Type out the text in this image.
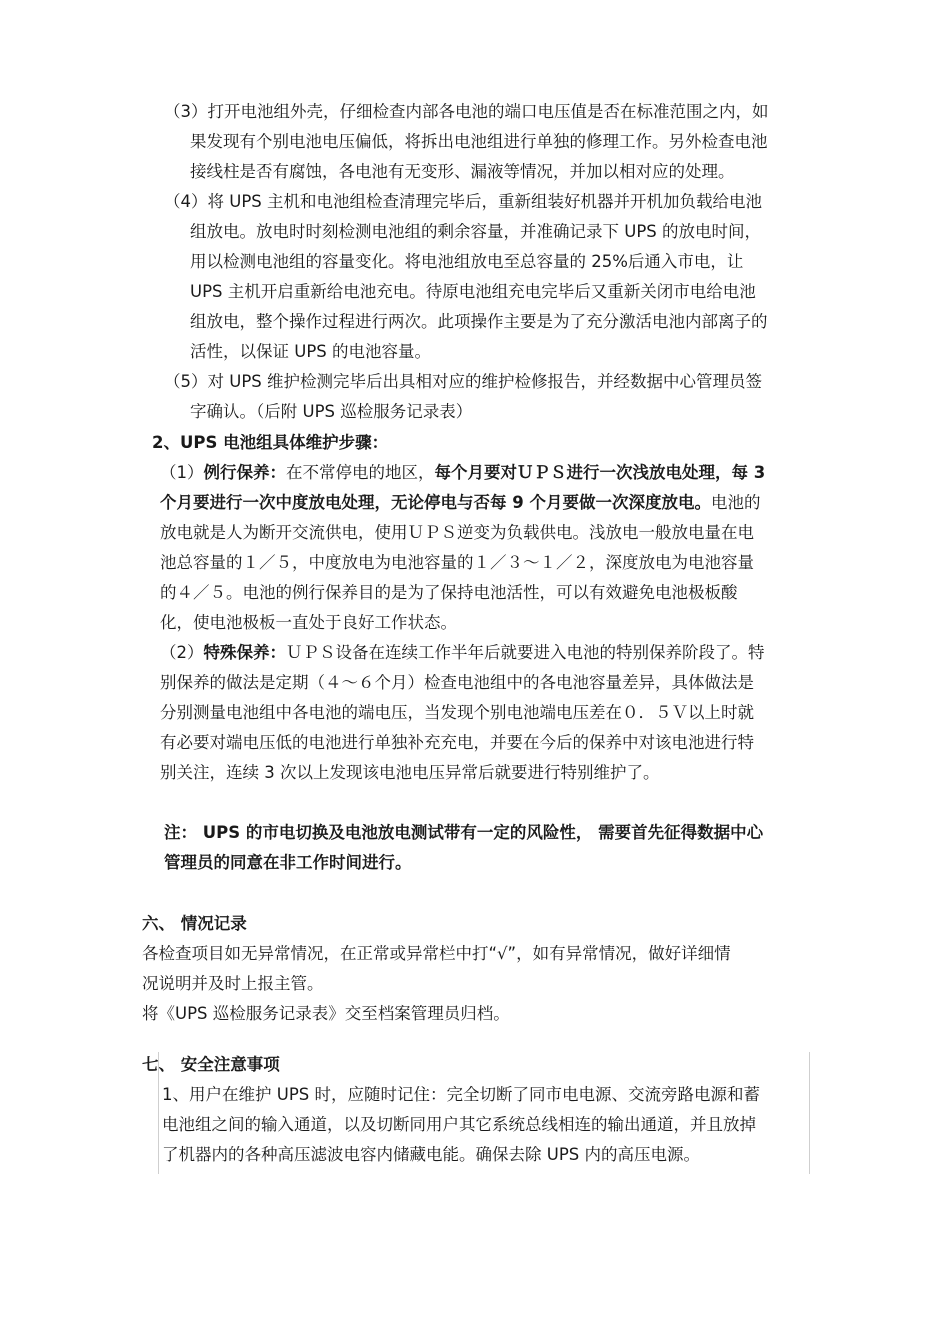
（3）打开电池组外壳，仔细检查内部各电池的端口电压值是否在标准范围之内，如
果发现有个别电池电压偏低，将拆出电池组进行单独的修理工作。另外检查电池
接线柱是否有腐蚀，各电池有无变形、漏液等情况，并加以相对应的处理。
（4）将 UPS 主机和电池组检查清理完毕后，重新组装好机器并开机加负载给电池
组放电。放电时时刻检测电池组的剩余容量，并准确记录下 UPS 的放电时间，
用以检测电池组的容量变化。将电池组放电至总容量的 25%后通入市电，让
UPS 主机开启重新给电池充电。待原电池组充电完毕后又重新关闭市电给电池
组放电，整个操作过程进行两次。此项操作主要是为了充分激活电池内部离子的
活性，以保证 UPS 的电池容量。
（5）对 UPS 维护检测完毕后出具相对应的维护检修报告，并经数据中心管理员签
字确认。（后附 UPS 巡检服务记录表）
2、UPS 电池组具体维护步骤：
（1）例行保养：在不常停电的地区，每个月要对ＵＰＳ进行一次浅放电处理，每 3
个月要进行一次中度放电处理，无论停电与否每 9 个月要做一次深度放电。电池的
放电就是人为断开交流供电，使用ＵＰＳ逆变为负载供电。浅放电一般放电量在电
池总容量的１／５，中度放电为电池容量的１／３～１／２，深度放电为电池容量
的４／５。电池的例行保养目的是为了保持电池活性，可以有效避免电池极板酸
化，使电池极板一直处于良好工作状态。
（2）特殊保养：ＵＰＳ设备在连续工作半年后就要进入电池的特别保养阶段了。特
别保养的做法是定期（４～６个月）检查电池组中的各电池容量差异，具体做法是
分别测量电池组中各电池的端电压，当发现个别电池端电压差在０．５Ｖ以上时就
有必要对端电压低的电池进行单独补充充电，并要在今后的保养中对该电池进行特
别关注，连续 3 次以上发现该电池电压异常后就要进行特别维护了。
注： UPS 的市电切换及电池放电测试带有一定的风险性， 需要首先征得数据中心
管理员的同意在非工作时间进行。
六、 情况记录
各检查项目如无异常情况，在正常或异常栏中打“√”，如有异常情况，做好详细情
况说明并及时上报主管。
将《UPS 巡检服务记录表》交至档案管理员归档。
七、 安全注意事项
1、用户在维护 UPS 时，应随时记住：完全切断了同市电电源、交流旁路电源和蓄
电池组之间的输入通道，以及切断同用户其它系统总线相连的输出通道，并且放掉
了机器内的各种高压滤波电容内储藏电能。确保去除 UPS 内的高压电源。
